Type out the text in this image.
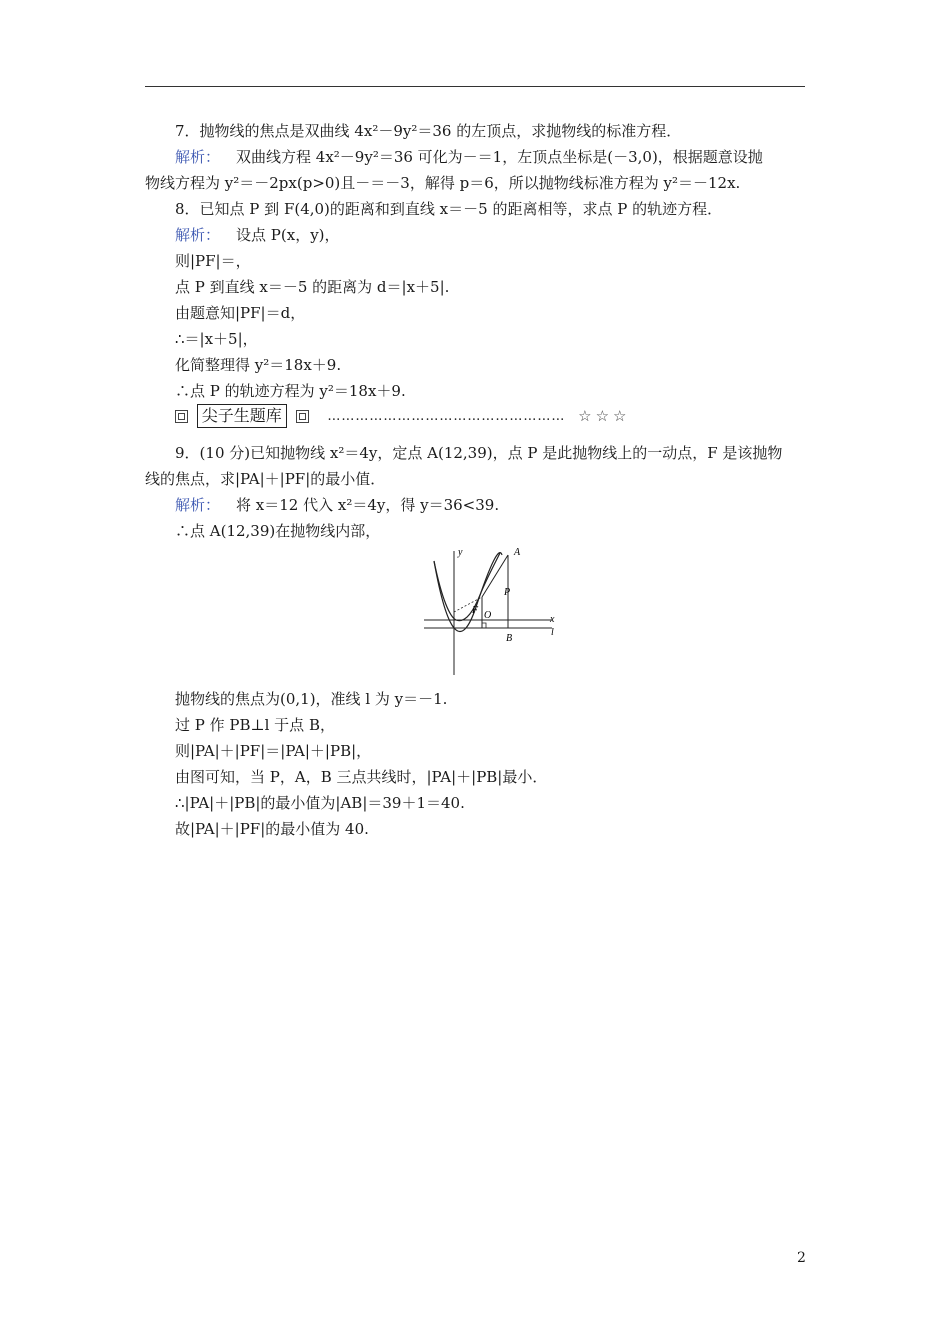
7．抛物线的焦点是双曲线 4x²－9y²＝36 的左顶点，求抛物线的标准方程．
解析： 双曲线方程 4x²－9y²＝36 可化为－＝1，左顶点坐标是(－3,0)，根据题意设抛
物线方程为 y²＝－2px(p>0)且－＝－3，解得 p＝6，所以抛物线标准方程为 y²＝－12x.
8．已知点 P 到 F(4,0)的距离和到直线 x＝－5 的距离相等，求点 P 的轨迹方程．
解析： 设点 P(x，y)，
则|PF|＝，
点 P 到直线 x＝－5 的距离为 d＝|x＋5|.
由题意知|PF|＝d，
∴＝|x＋5|，
化简整理得 y²＝18x＋9.
∴点 P 的轨迹方程为 y²＝18x＋9.
尖子生题库	…………………………………………… ☆☆☆
9．(10 分)已知抛物线 x²＝4y，定点 A(12,39)，点 P 是此抛物线上的一动点，F 是该抛物
线的焦点，求|PA|＋|PF|的最小值．
解析： 将 x＝12 代入 x²＝4y，得 y＝36<39.
∴点 A(12,39)在抛物线内部，
y	A
P
F O	x
B
l
抛物线的焦点为(0,1)，准线 l 为 y＝－1.
过 P 作 PB⊥l 于点 B，
则|PA|＋|PF|＝|PA|＋|PB|，
由图可知，当 P，A，B 三点共线时，|PA|＋|PB|最小．
∴|PA|＋|PB|的最小值为|AB|＝39＋1＝40.
故|PA|＋|PF|的最小值为 40.
2
